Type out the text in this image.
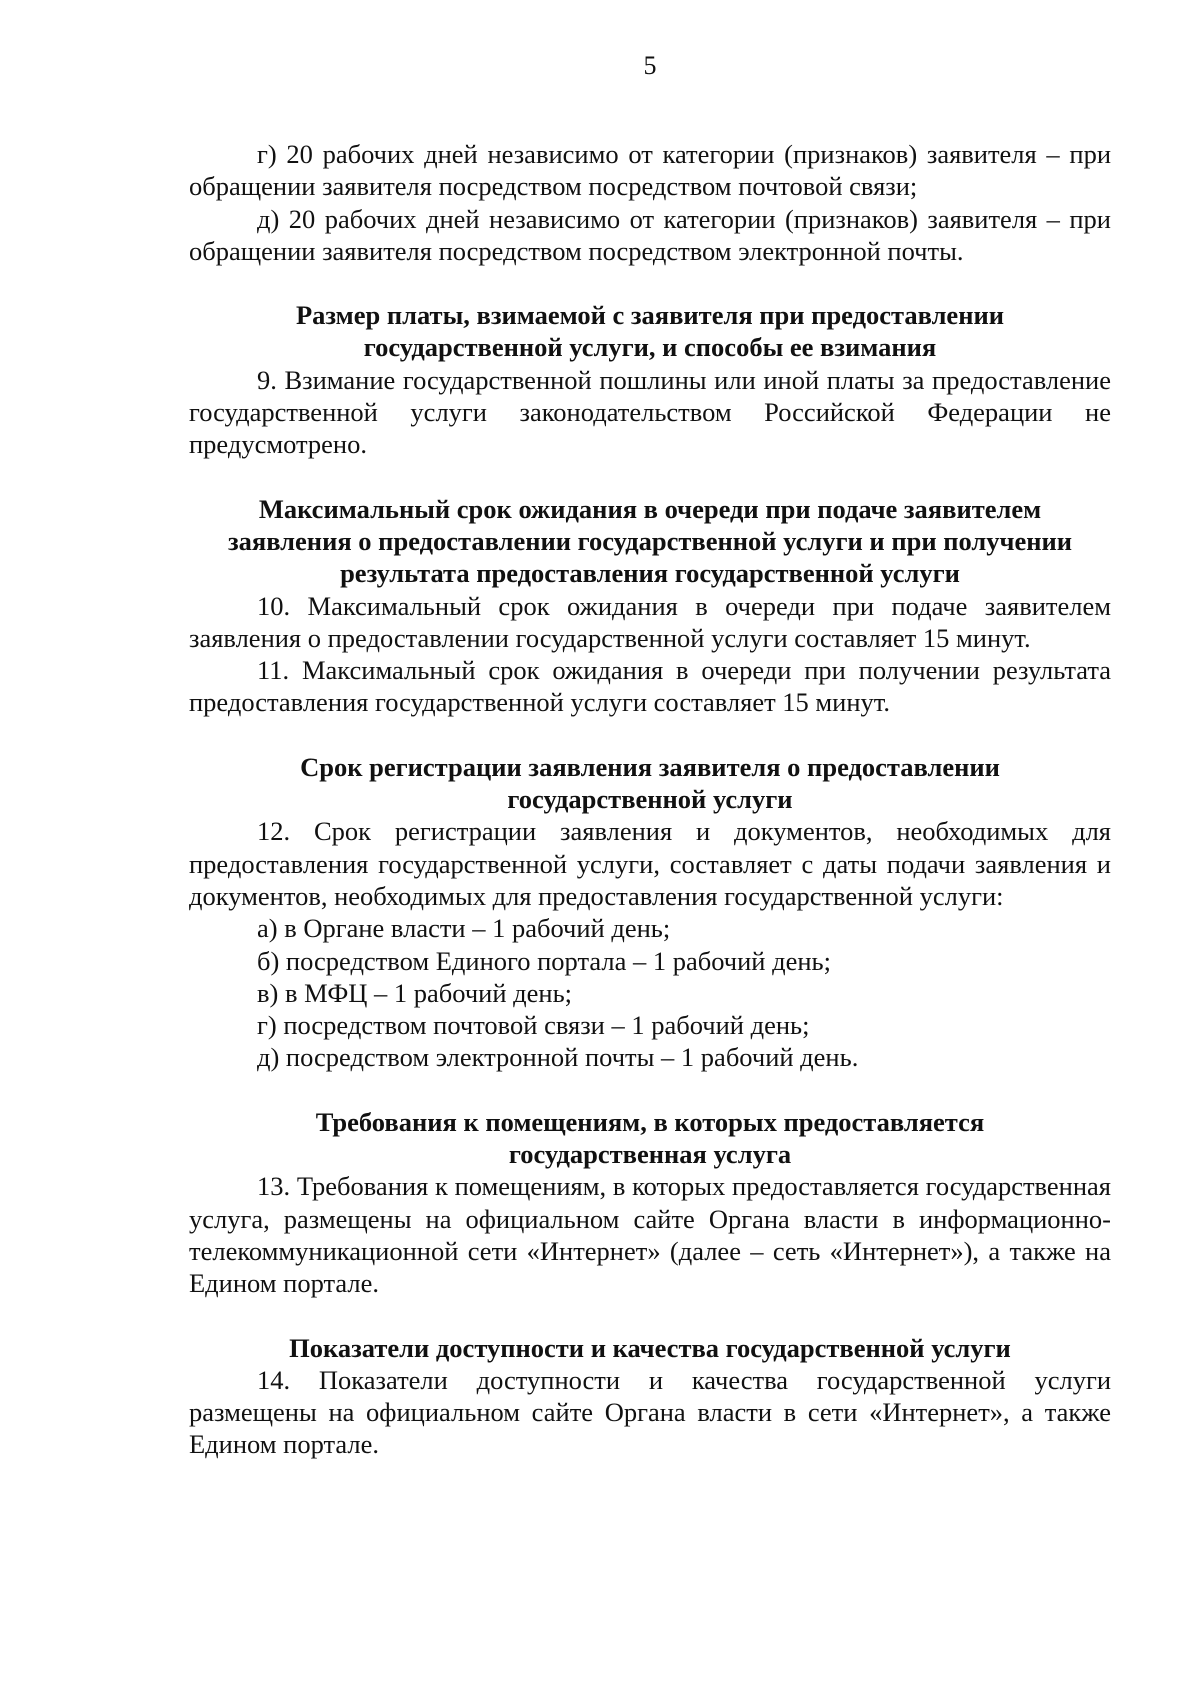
5

г) 20 рабочих дней независимо от категории (признаков) заявителя – при обращении заявителя посредством посредством почтовой связи;

д) 20 рабочих дней независимо от категории (признаков) заявителя – при обращении заявителя посредством посредством электронной почты.

Размер платы, взимаемой с заявителя при предоставлении
государственной услуги, и способы ее взимания

9. Взимание государственной пошлины или иной платы за предоставление государственной услуги законодательством Российской Федерации не предусмотрено.

Максимальный срок ожидания в очереди при подаче заявителем
заявления о предоставлении государственной услуги и при получении
результата предоставления государственной услуги

10. Максимальный срок ожидания в очереди при подаче заявителем заявления о предоставлении государственной услуги составляет 15 минут.

11. Максимальный срок ожидания в очереди при получении результата предоставления государственной услуги составляет 15 минут.

Срок регистрации заявления заявителя о предоставлении
государственной услуги

12. Срок регистрации заявления и документов, необходимых для предоставления государственной услуги, составляет с даты подачи заявления и документов, необходимых для предоставления государственной услуги:

а) в Органе власти – 1 рабочий день;

б) посредством Единого портала – 1 рабочий день;

в) в МФЦ – 1 рабочий день;

г) посредством почтовой связи – 1 рабочий день;

д) посредством электронной почты – 1 рабочий день.

Требования к помещениям, в которых предоставляется
государственная услуга

13. Требования к помещениям, в которых предоставляется государственная услуга, размещены на официальном сайте Органа власти в информационно-телекоммуникационной сети «Интернет» (далее – сеть «Интернет»), а также на Едином портале.

Показатели доступности и качества государственной услуги

14. Показатели доступности и качества государственной услуги размещены на официальном сайте Органа власти в сети «Интернет», а также Едином портале.
